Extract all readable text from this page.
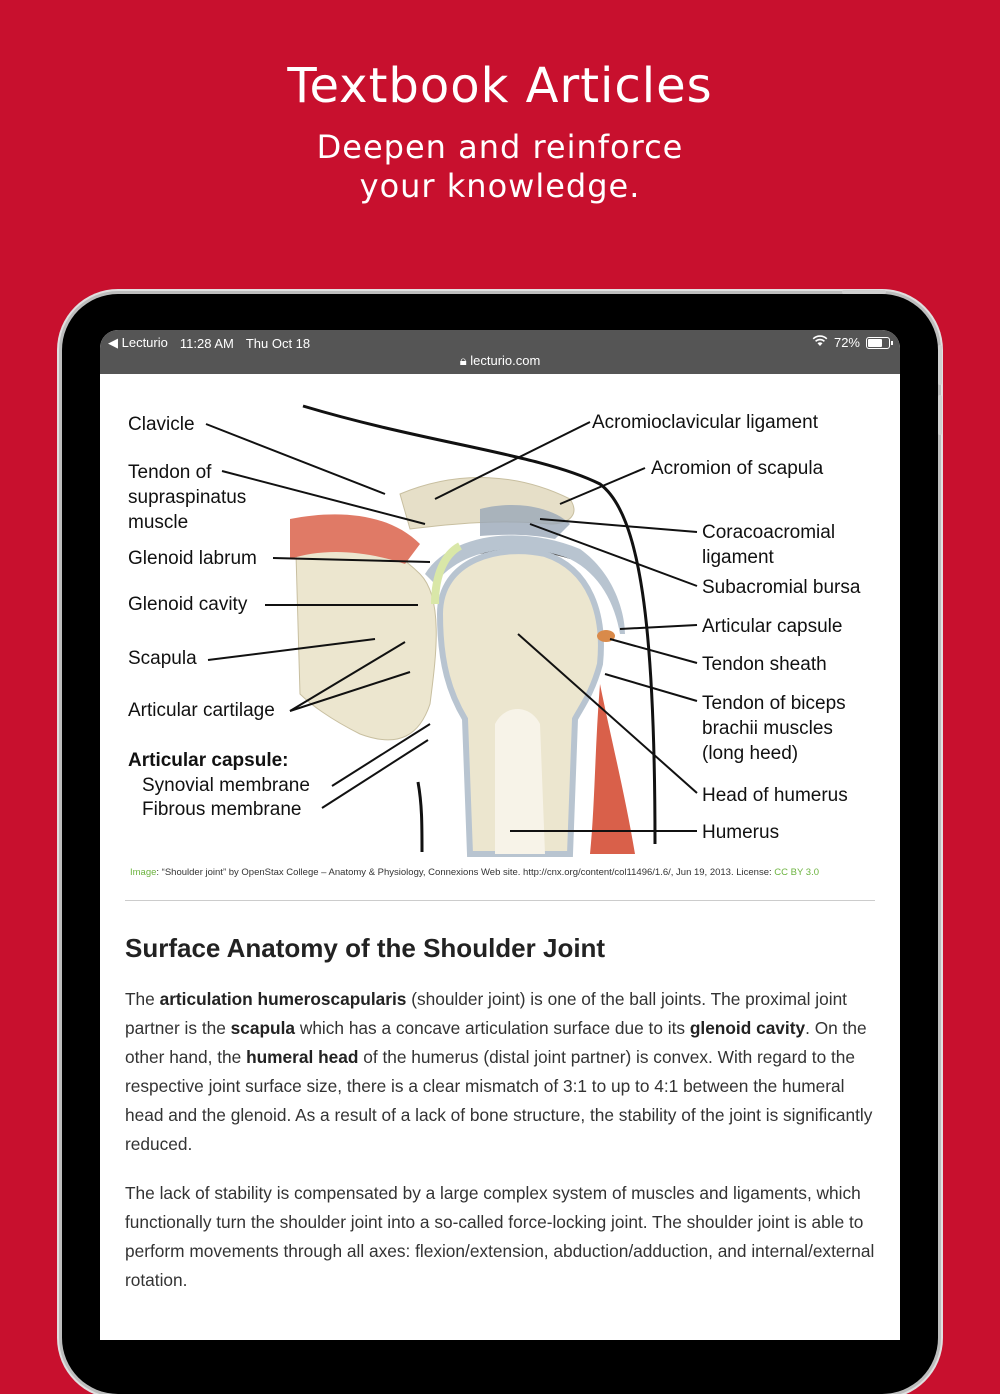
Textbook Articles
Deepen and reinforce
your knowledge.
◀ Lecturio 11:28 AM Thu Oct 18	72%
🔒︎ lecturio.com
Clavicle
Tendon of
supraspinatus
muscle
Glenoid labrum
Glenoid cavity
Scapula
Articular cartilage
Articular capsule:
Synovial membrane
Fibrous membrane
Acromioclavicular ligament
Acromion of scapula
Coracoacromial
ligament
Subacromial bursa
Articular capsule
Tendon sheath
Tendon of biceps
brachii muscles
(long heed)
Head of humerus
Humerus
Image: “Shoulder joint” by OpenStax College – Anatomy & Physiology, Connexions Web site. http://cnx.org/content/col11496/1.6/, Jun 19, 2013. License: CC BY 3.0
Surface Anatomy of the Shoulder Joint
The articulation humeroscapularis (shoulder joint) is one of the ball joints. The proximal joint partner is the scapula which has a concave articulation surface due to its glenoid cavity. On the other hand, the humeral head of the humerus (distal joint partner) is convex. With regard to the respective joint surface size, there is a clear mismatch of 3:1 to up to 4:1 between the humeral head and the glenoid. As a result of a lack of bone structure, the stability of the joint is significantly reduced.
The lack of stability is compensated by a large complex system of muscles and ligaments, which functionally turn the shoulder joint into a so-called force-locking joint. The shoulder joint is able to perform movements through all axes: flexion/extension, abduction/adduction, and internal/external rotation.
